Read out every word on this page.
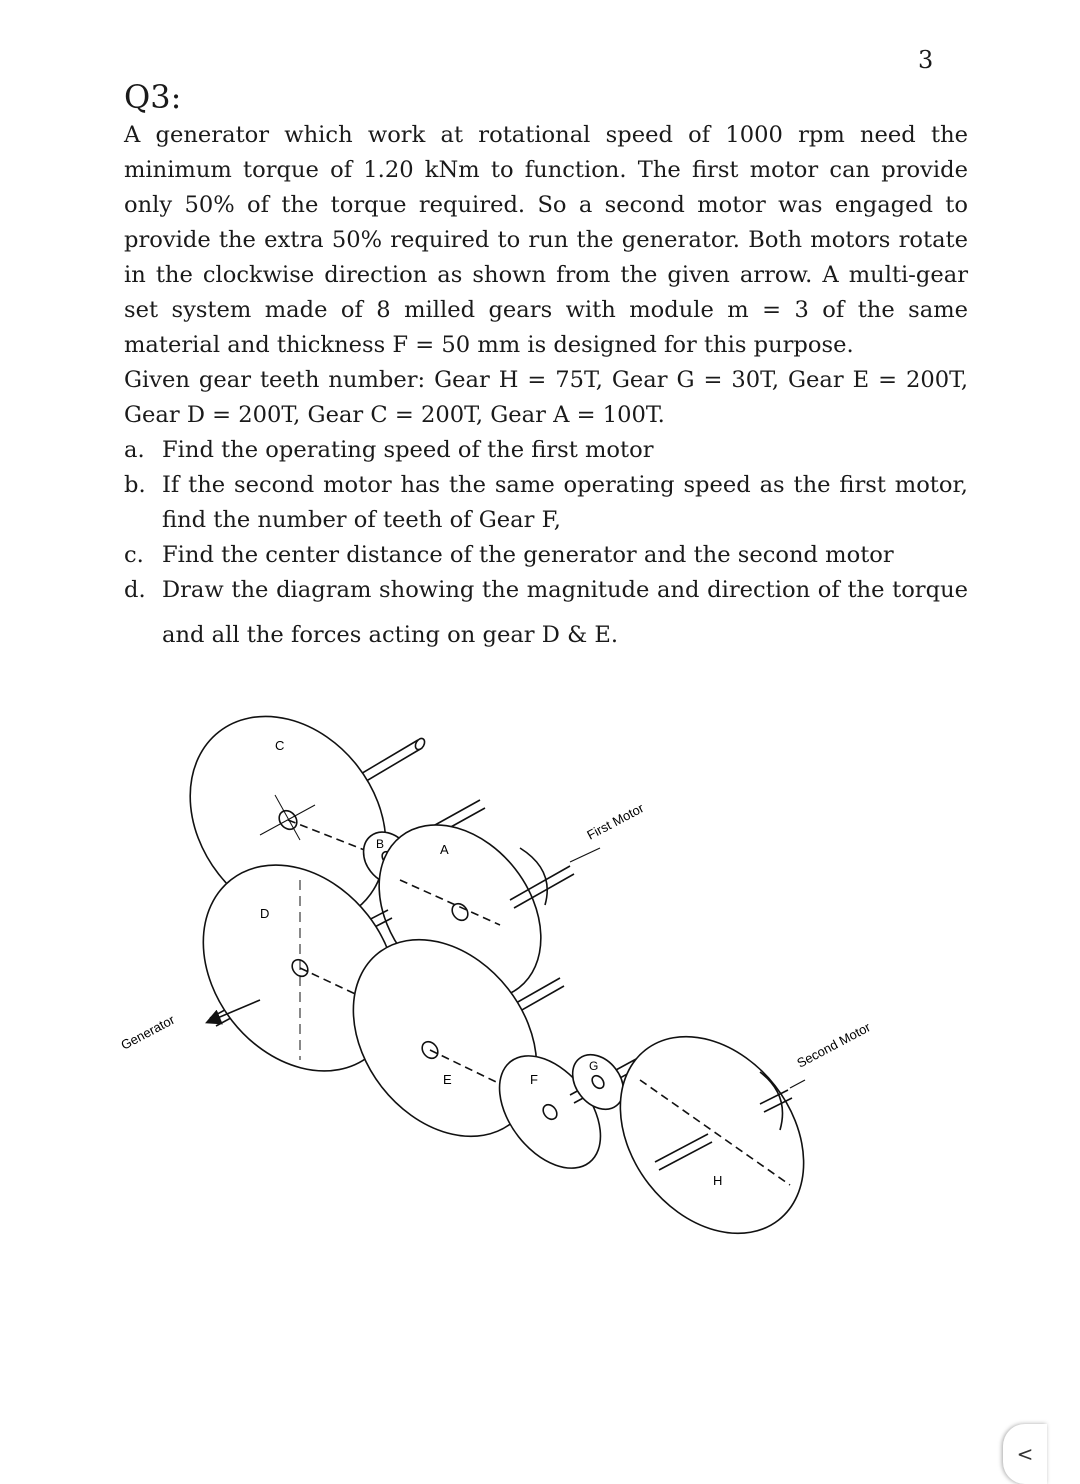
3
Q3:

A generator which work at rotational speed of 1000 rpm need the minimum torque of 1.20 kNm to function. The first motor can provide only 50% of the torque required. So a second motor was engaged to provide the extra 50% required to run the generator. Both motors rotate in the clockwise direction as shown from the given arrow. A multi-gear set system made of 8 milled gears with module m = 3 of the same material and thickness F = 50 mm is designed for this purpose.

Given gear teeth number: Gear H = 75T, Gear G = 30T, Gear E = 200T, Gear D = 200T, Gear C = 200T, Gear A = 100T.

a. Find the operating speed of the first motor
b. If the second motor has the same operating speed as the first motor, find the number of teeth of Gear F,
c. Find the center distance of the generator and the second motor
d. Draw the diagram showing the magnitude and direction of the torque and all the forces acting on gear D & E.
C
B	A
D
E	F
G
H
Generator
First Motor
Second Motor
<
